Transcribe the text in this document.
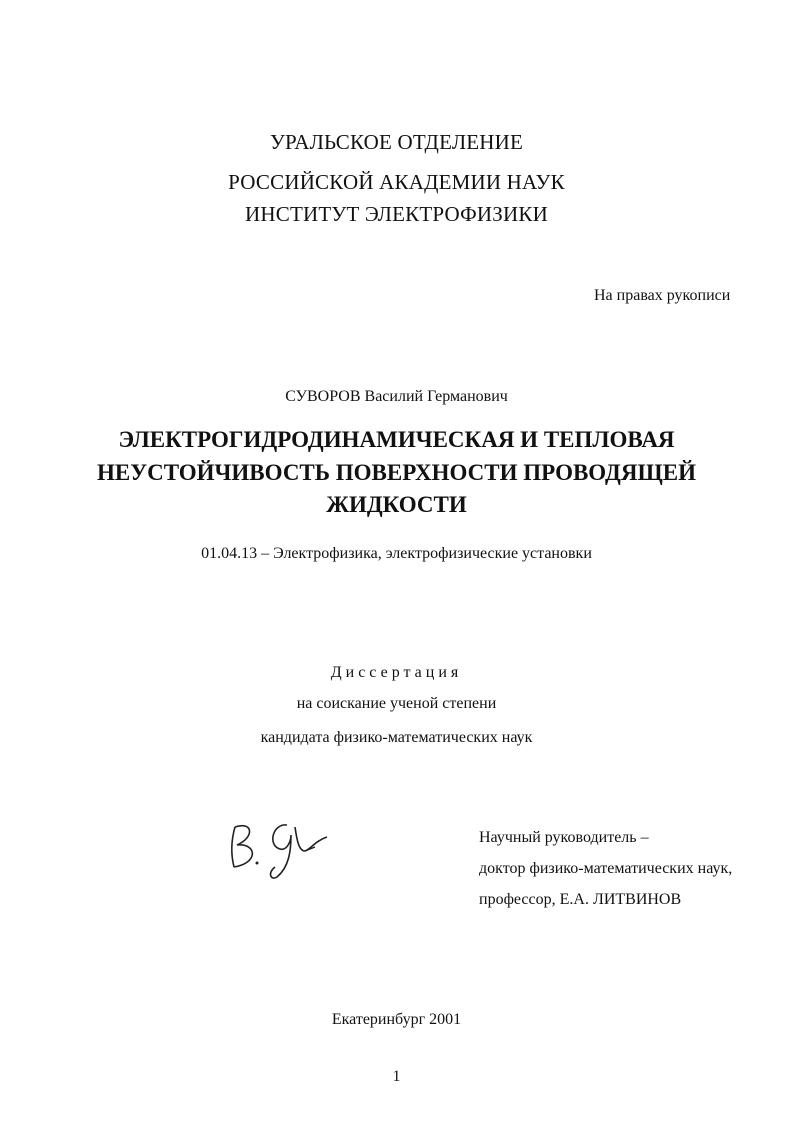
УРАЛЬСКОЕ ОТДЕЛЕНИЕ
РОССИЙСКОЙ АКАДЕМИИ НАУК
ИНСТИТУТ ЭЛЕКТРОФИЗИКИ
На правах рукописи
СУВОРОВ Василий Германович
ЭЛЕКТРОГИДРОДИНАМИЧЕСКАЯ И ТЕПЛОВАЯ
НЕУСТОЙЧИВОСТЬ ПОВЕРХНОСТИ ПРОВОДЯЩЕЙ
ЖИДКОСТИ
01.04.13 – Электрофизика, электрофизические установки
Диссертация
на соискание ученой степени
кандидата физико-математических наук
Научный руководитель –
доктор физико-математических наук,
профессор, Е.А. ЛИТВИНОВ
Екатеринбург 2001
1
